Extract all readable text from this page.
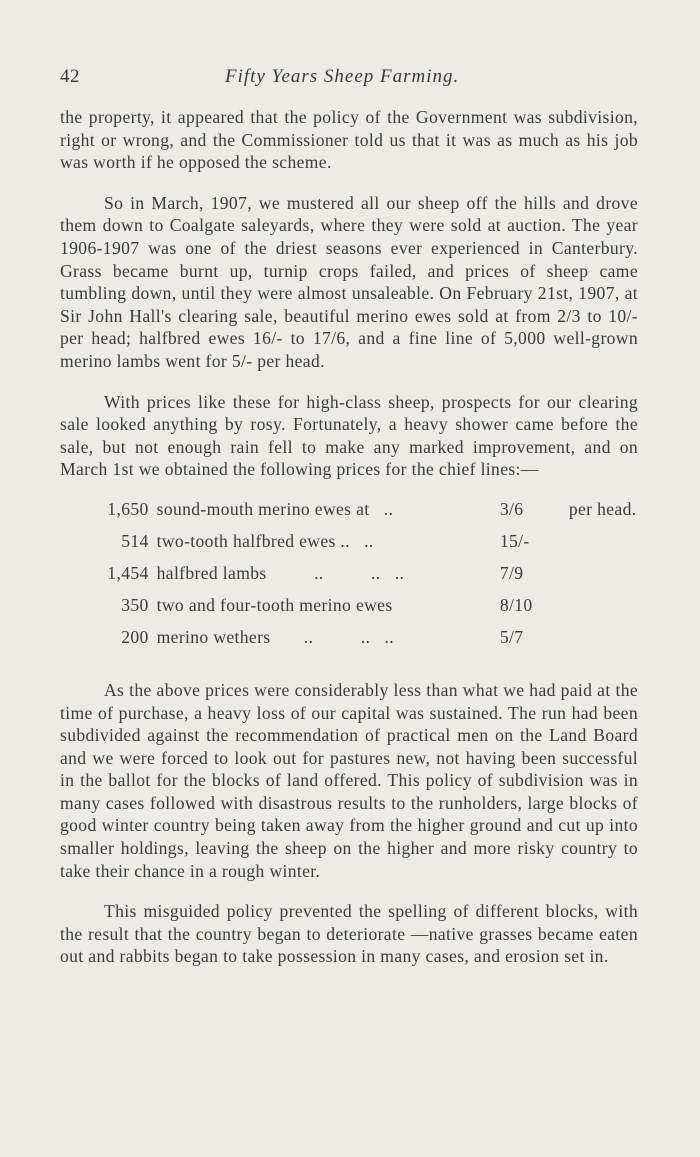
42	Fifty Years Sheep Farming.

the property, it appeared that the policy of the Government was subdivision, right or wrong, and the Commissioner told us that it was as much as his job was worth if he opposed the scheme.

So in March, 1907, we mustered all our sheep off the hills and drove them down to Coalgate saleyards, where they were sold at auction. The year 1906-1907 was one of the driest seasons ever experienced in Canterbury. Grass became burnt up, turnip crops failed, and prices of sheep came tumbling down, until they were almost unsaleable. On February 21st, 1907, at Sir John Hall's clearing sale, beautiful merino ewes sold at from 2/3 to 10/- per head; halfbred ewes 16/- to 17/6, and a fine line of 5,000 well-grown merino lambs went for 5/- per head.

With prices like these for high-class sheep, prospects for our clearing sale looked anything by rosy. Fortunately, a heavy shower came before the sale, but not enough rain fell to make any marked improvement, and on March 1st we obtained the following prices for the chief lines:—

1,650	sound-mouth merino ewes at ..	3/6	per head.
514	two-tooth halfbred ewes .. ..	15/-	
1,454	halfbred lambs          ..          .. ..	7/9	
350	two and four-tooth merino ewes	8/10	
200	merino wethers       ..          .. ..	5/7	

As the above prices were considerably less than what we had paid at the time of purchase, a heavy loss of our capital was sustained. The run had been subdivided against the recommendation of practical men on the Land Board and we were forced to look out for pastures new, not having been successful in the ballot for the blocks of land offered. This policy of subdivision was in many cases followed with disastrous results to the runholders, large blocks of good winter country being taken away from the higher ground and cut up into smaller holdings, leaving the sheep on the higher and more risky country to take their chance in a rough winter.

This misguided policy prevented the spelling of different blocks, with the result that the country began to deteriorate —native grasses became eaten out and rabbits began to take possession in many cases, and erosion set in.
